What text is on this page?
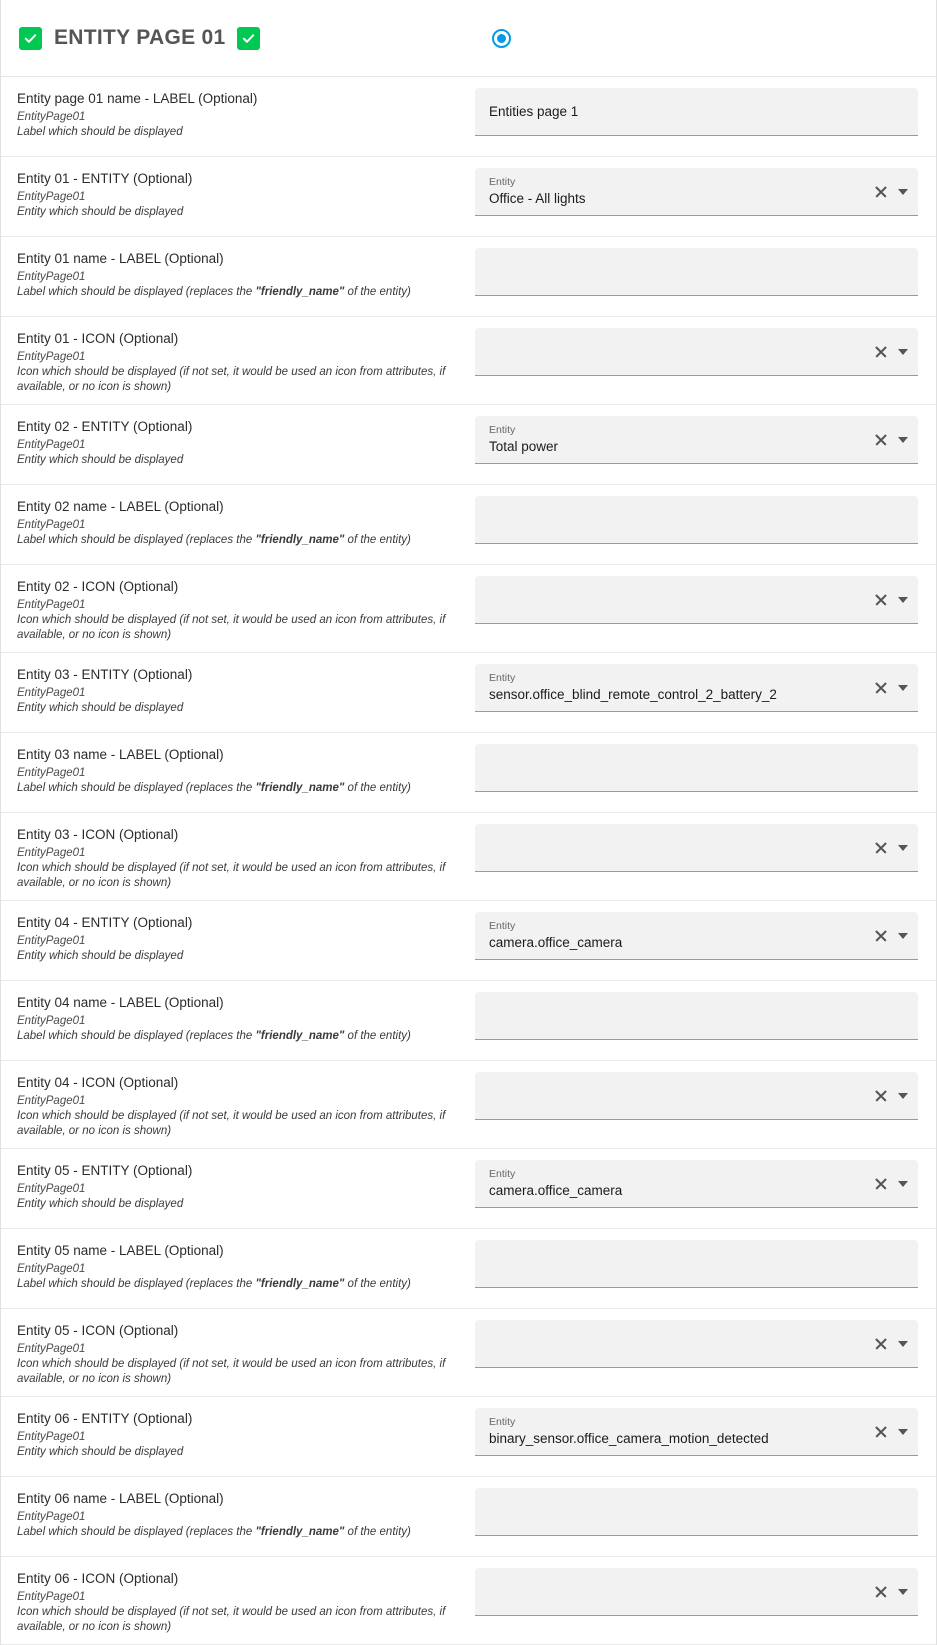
ENTITY PAGE 01
Entity page 01 name - LABEL (Optional)
EntityPage01
Label which should be displayed
Entities page 1
Entity 01 - ENTITY (Optional)
EntityPage01
Entity which should be displayed
Entity
Office - All lights
Entity 01 name - LABEL (Optional)
EntityPage01
Label which should be displayed (replaces the "friendly_name" of the entity)
Entity 01 - ICON (Optional)
EntityPage01
Icon which should be displayed (if not set, it would be used an icon from attributes, if available, or no icon is shown)
Entity 02 - ENTITY (Optional)
EntityPage01
Entity which should be displayed
Entity
Total power
Entity 02 name - LABEL (Optional)
EntityPage01
Label which should be displayed (replaces the "friendly_name" of the entity)
Entity 02 - ICON (Optional)
EntityPage01
Icon which should be displayed (if not set, it would be used an icon from attributes, if available, or no icon is shown)
Entity 03 - ENTITY (Optional)
EntityPage01
Entity which should be displayed
Entity
sensor.office_blind_remote_control_2_battery_2
Entity 03 name - LABEL (Optional)
EntityPage01
Label which should be displayed (replaces the "friendly_name" of the entity)
Entity 03 - ICON (Optional)
EntityPage01
Icon which should be displayed (if not set, it would be used an icon from attributes, if available, or no icon is shown)
Entity 04 - ENTITY (Optional)
EntityPage01
Entity which should be displayed
Entity
camera.office_camera
Entity 04 name - LABEL (Optional)
EntityPage01
Label which should be displayed (replaces the "friendly_name" of the entity)
Entity 04 - ICON (Optional)
EntityPage01
Icon which should be displayed (if not set, it would be used an icon from attributes, if available, or no icon is shown)
Entity 05 - ENTITY (Optional)
EntityPage01
Entity which should be displayed
Entity
camera.office_camera
Entity 05 name - LABEL (Optional)
EntityPage01
Label which should be displayed (replaces the "friendly_name" of the entity)
Entity 05 - ICON (Optional)
EntityPage01
Icon which should be displayed (if not set, it would be used an icon from attributes, if available, or no icon is shown)
Entity 06 - ENTITY (Optional)
EntityPage01
Entity which should be displayed
Entity
binary_sensor.office_camera_motion_detected
Entity 06 name - LABEL (Optional)
EntityPage01
Label which should be displayed (replaces the "friendly_name" of the entity)
Entity 06 - ICON (Optional)
EntityPage01
Icon which should be displayed (if not set, it would be used an icon from attributes, if available, or no icon is shown)
